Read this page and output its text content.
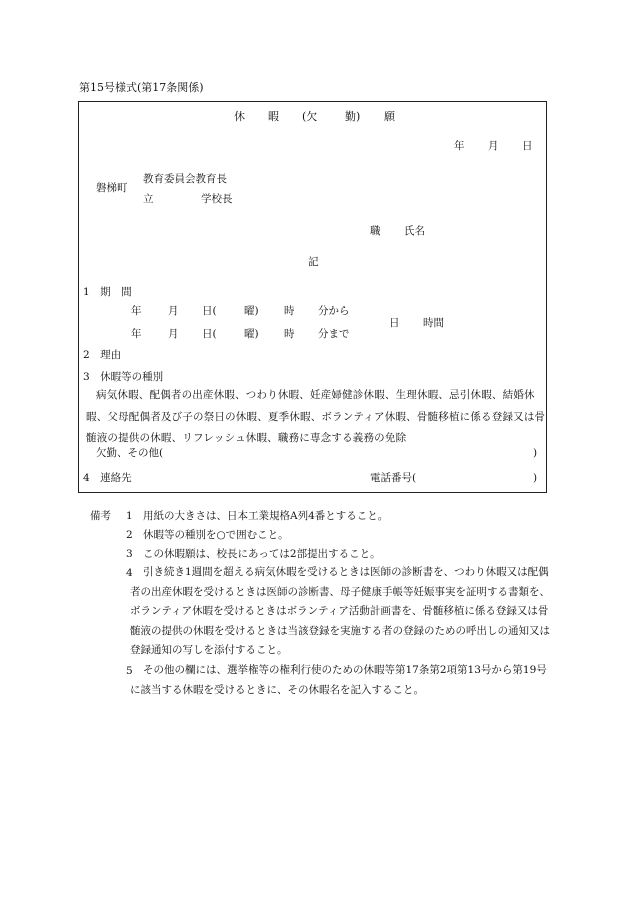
第15号様式(第17条関係)
休 暇 (欠	勤) 願
年 月 日
磐梯町
教育委員会教育長
立	学校長
職 氏名
記
1　期　間
年	月 日(	曜) 時 分から
年	月 日(	曜) 時 分まで
日 時間
2　理由
3　休暇等の種別
病気休暇、配偶者の出産休暇、つわり休暇、妊産婦健診休暇、生理休暇、忌引休暇、結婚休暇、父母配偶者及び子の祭日の休暇、夏季休暇、ボランティア休暇、骨髄移植に係る登録又は骨髄液の提供の休暇、リフレッシュ休暇、職務に専念する義務の免除
欠勤、その他(	)
4　連絡先	電話番号(	)
備考 1 用紙の大きさは、日本工業規格A列4番とすること。
2 休暇等の種別を○で囲むこと。
3 この休暇願は、校長にあっては2部提出すること。
4 引き続き1週間を超える病気休暇を受けるときは医師の診断書を、つわり休暇又は配偶者の出産休暇を受けるときは医師の診断書、母子健康手帳等妊娠事実を証明する書類を、ボランティア休暇を受けるときはボランティア活動計画書を、骨髄移植に係る登録又は骨髄液の提供の休暇を受けるときは当該登録を実施する者の登録のための呼出しの通知又は登録通知の写しを添付すること。
5 その他の欄には、選挙権等の権利行使のための休暇等第17条第2項第13号から第19号に該当する休暇を受けるときに、その休暇名を記入すること。
